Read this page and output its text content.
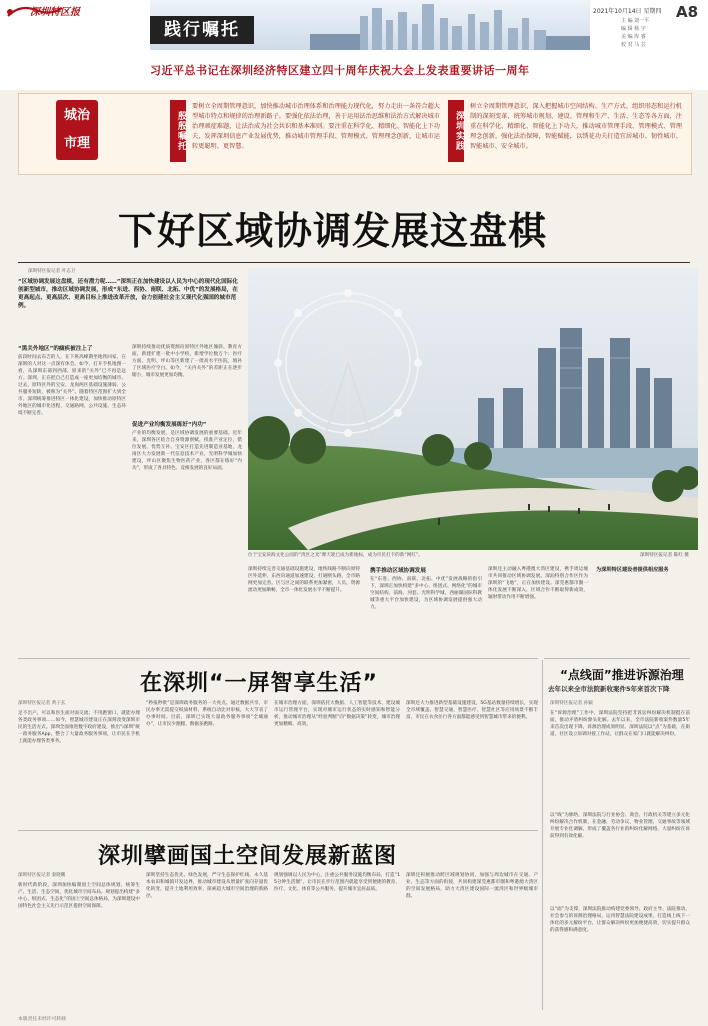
深圳特区报
践行嘱托
2021年10月14日 星期四 A8
主 编 刘一平
编 辑 杨 宇
美 编 库 睿
校 对 马 芸
习近平总书记在深圳经济特区建立四十周年庆祝大会上发表重要讲话一周年
城治市理	殷殷嘱托
要树立全周期管理意识，加快推动城市治理体系和治理能力现代化，努力走出一条符合超大型城市特点和规律的治理新路子。要强化依法治理，善于运用法治思维和法治方式解决城市治理顽症难题，让法治成为社会共识和基本准则。要注重在科学化、精细化、智能化上下功夫，发挥深圳信息产业发展优势，推动城市管理手段、管理模式、管理理念创新，让城市运转更聪明、更智慧。	深圳实践
树立全周期管理意识，深入把握城市空间结构、生产方式、组织形态和运行机制的深刻变革，统筹城市规划、建设、管理和生产、生活、生态等各方面，注重在科学化、精细化、智能化上下功夫，推动城市管理手段、管理模式、管理理念创新，强化法治保障，智能赋能，以绣花功夫打造宜居城市、韧性城市、智能城市、安全城市。
下好区域协调发展这盘棋
深圳特区报记者 叶志卫
“区域协调发展这盘棋，还有潜力呢……”深圳正在加快建设以人民为中心的现代化国际化创新型城市，推动区域协调发展，形成“东进、西协、南联、北拓、中优”的发展格局，在更高起点、更高层次、更高目标上推进改革开放，奋力创建社会主义现代化强国的城市范例。
位于宝安滨海文化公园的“湾区之光”摩天轮已成为新地标，成为市民打卡的新“网红”。	深圳特区报记者 陈红 摄
“黑关外地区”的痼疾被注上了
前段时间去布吉的人，在下班高峰期坐地铁回家，在深圳的人对这一点深有体会。如今，打开手机地图一看，从深圳东部到西部，原来的“关外”已不再是远方。深圳，正在把自己打造成一座更加均衡的城市。过去，原特区外的宝安、龙岗两区基础设施薄弱、公共服务短缺，被称为“关外”。随着特区范围扩大到全市，深圳统筹推进特区一体化建设，加快推动原特区外地区的城市化进程，交通路网、公共设施、生态环境不断完善。
深圳持续推动优质资源向原特区外地区倾斜。教育方面，新建扩建一批中小学校，新增学位数万个；医疗方面，光明、坪山等区新建了一批高水平医院，填补了区域医疗空白。如今，“关内关外”的差距正在逐步缩小，城市发展更加均衡。
促进产业均衡发展练好“内功”
产业的均衡发展，是区域协调发展的重要基础。近年来，深圳各区结合自身资源禀赋，找准产业定位，错位发展、优势互补。宝安区打造先进制造业基地，龙岗区大力发展新一代信息技术产业，光明科学城加快建设，坪山区聚焦生物医药产业，各区都在练好“内功”，形成了各具特色、竞相发展的良好局面。
深圳持续完善交通基础设施建设，地铁线路不断向原特区外延伸，东西向通道加速建设，打通断头路，全市路网更加完善。区与区之间的联系更加紧密，人员、资源流动更加顺畅，全市一体化发展水平不断提升。
携手推动区域协调发展
在“东进、西协、南联、北拓、中优”发展战略的指引下，深圳正加快构建“多中心、组团式、网络化”的城市空间结构。前海、河套、光明科学城、西丽湖国际科教城等重大平台加快建设，为区域协调发展提供强大动力。
深圳还主动融入粤港澳大湾区建设，携手周边城市共同推动区域协调发展。深汕特别合作区作为深圳的“飞地”，正在加快建设。深莞惠都市圈一体化发展不断深入，区域合作不断取得新成效，辐射带动作用不断增强。
为深圳特区建设者提供相应服务
在深圳“一屏智享生活”
深圳特区报记者 黄子玄
足不出户，可以和医生面对面交流；不用跑窗口，就能办理各类政务事项……如今，智慧城市建设正在深刻改变深圳市民的生活方式。深圳全面推进数字政府建设，推出“i深圳”统一政务服务App，整合了大量政务服务事项，让市民在手机上就能办理各类事务。
“秒报秒批”是深圳政务服务的一大亮点。通过数据共享，市民办事无需提交纸质材料，系统自动比对审核，大大节省了办事时间。目前，深圳已实现大量政务服务事项“全城通办”，让市民少跑腿、数据多跑路。
在城市治理方面，深圳依托大数据、人工智能等技术，建设城市运行管理平台，实现对城市运行状态的实时感知和智能分析，推动城市治理从“经验判断”向“数据决策”转变，城市治理更加精细、高效。
深圳还大力推进新型基础设施建设，5G基站数量持续增长，实现全市域覆盖。智慧交通、智慧医疗、智慧社区等应用场景不断丰富，市民在衣食住行各方面都能感受到智慧城市带来的便利。
深圳擘画国土空间发展新蓝图
深圳特区报记者 秦晓鹏
新时代新阶段，深圳加快编制国土空间总体规划，统筹生产、生活、生态空间，优化城市空间布局。规划提出构建“多中心、组团式、生态化”的国土空间总体格局，为深圳建设中国特色社会主义先行示范区提供空间保障。
深圳坚持生态优先、绿色发展，严守生态保护红线、永久基本农田和城镇开发边界，推动城市建设从增量扩张向存量优化转变，提升土地利用效率，探索超大城市空间治理的新路径。
规划强调以人民为中心，注重公共服务设施均衡布局，打造“15分钟生活圈”，让市民在步行范围内就能享受到便捷的教育、医疗、文化、体育等公共服务，提升城市宜居品质。
深圳还积极推动跨区域规划协同，加强与周边城市在交通、产业、生态等方面的衔接，共同构建深莞惠都市圈和粤港澳大湾区的空间发展格局，助力大湾区建设国际一流湾区和世界级城市群。
“点线面”推进诉源治理
去年以来全市法院新收案件5年来首次下降
深圳特区报记者 孙颖
在“诉源治理”工作中，深圳法院坚持把非诉讼纠纷解决机制挺在前面，推动矛盾纠纷源头化解。去年以来，全市法院新收案件数量5年来首次出现下降，诉源治理成效明显。深圳法院以“点”为基础，在街道、社区设立诉调对接工作站，让群众在家门口就能解决纠纷。
以“线”为脉络，深圳法院与行业协会、商会、行政机关等建立多元化纠纷解决合作机制，在金融、劳动争议、物业管理、交通事故等领域开展专业化调解，形成了覆盖各行业的纠纷化解网络，大量纠纷在诉前得到有效化解。
以“面”为支撑，深圳法院推动构建党委领导、政府主导、法院推动、社会参与的诉源治理格局，运用智慧法院建设成果，打造线上线下一体化的多元解纷平台，让群众解决纠纷更加便捷高效，切实提升群众的获得感和满意度。
本版责任未经许可转载
